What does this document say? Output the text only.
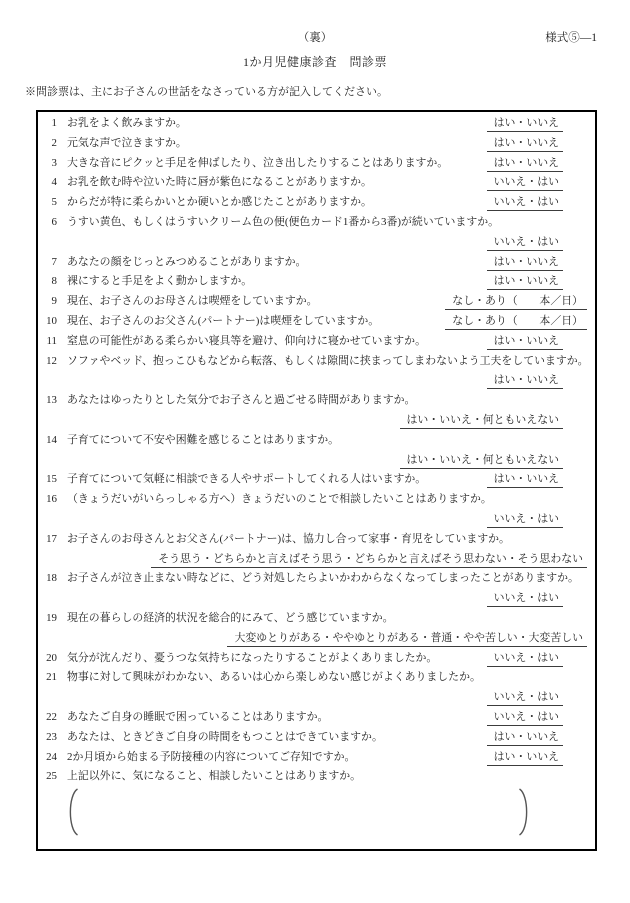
（裏）	様式⑤—1
1か月児健康診査　問診票
※問診票は、主にお子さんの世話をなさっている方が記入してください。
1 お乳をよく飲みますか。	はい・いいえ
2 元気な声で泣きますか。	はい・いいえ
3 大きな音にピクッと手足を伸ばしたり、泣き出したりすることはありますか。	はい・いいえ
4 お乳を飲む時や泣いた時に唇が紫色になることがありますか。	いいえ・はい
5 からだが特に柔らかいとか硬いとか感じたことがありますか。	いいえ・はい
6 うすい黄色、もしくはうすいクリーム色の便(便色カード1番から3番)が続いていますか。
いいえ・はい
7 あなたの顔をじっとみつめることがありますか。	はい・いいえ
8 裸にすると手足をよく動かしますか。	はい・いいえ
9 現在、お子さんのお母さんは喫煙をしていますか。	なし・あり（　　本／日）
10 現在、お子さんのお父さん(パートナー)は喫煙をしていますか。	なし・あり（　　本／日）
11 窒息の可能性がある柔らかい寝具等を避け、仰向けに寝かせていますか。	はい・いいえ
12 ソファやベッド、抱っこひもなどから転落、もしくは隙間に挟まってしまわないよう工夫をしていますか。
はい・いいえ
13 あなたはゆったりとした気分でお子さんと過ごせる時間がありますか。
はい・いいえ・何ともいえない
14 子育てについて不安や困難を感じることはありますか。
はい・いいえ・何ともいえない
15 子育てについて気軽に相談できる人やサポートしてくれる人はいますか。	はい・いいえ
16 （きょうだいがいらっしゃる方へ）きょうだいのことで相談したいことはありますか。
いいえ・はい
17 お子さんのお母さんとお父さん(パートナー)は、協力し合って家事・育児をしていますか。
そう思う・どちらかと言えばそう思う・どちらかと言えばそう思わない・そう思わない
18 お子さんが泣き止まない時などに、どう対処したらよいかわからなくなってしまったことがありますか。
いいえ・はい
19 現在の暮らしの経済的状況を総合的にみて、どう感じていますか。
大変ゆとりがある・ややゆとりがある・普通・やや苦しい・大変苦しい
20 気分が沈んだり、憂うつな気持ちになったりすることがよくありましたか。	いいえ・はい
21 物事に対して興味がわかない、あるいは心から楽しめない感じがよくありましたか。
いいえ・はい
22 あなたご自身の睡眠で困っていることはありますか。	いいえ・はい
23 あなたは、ときどきご自身の時間をもつことはできていますか。	はい・いいえ
24 2か月頃から始まる予防接種の内容についてご存知ですか。	はい・いいえ
25 上記以外に、気になること、相談したいことはありますか。
